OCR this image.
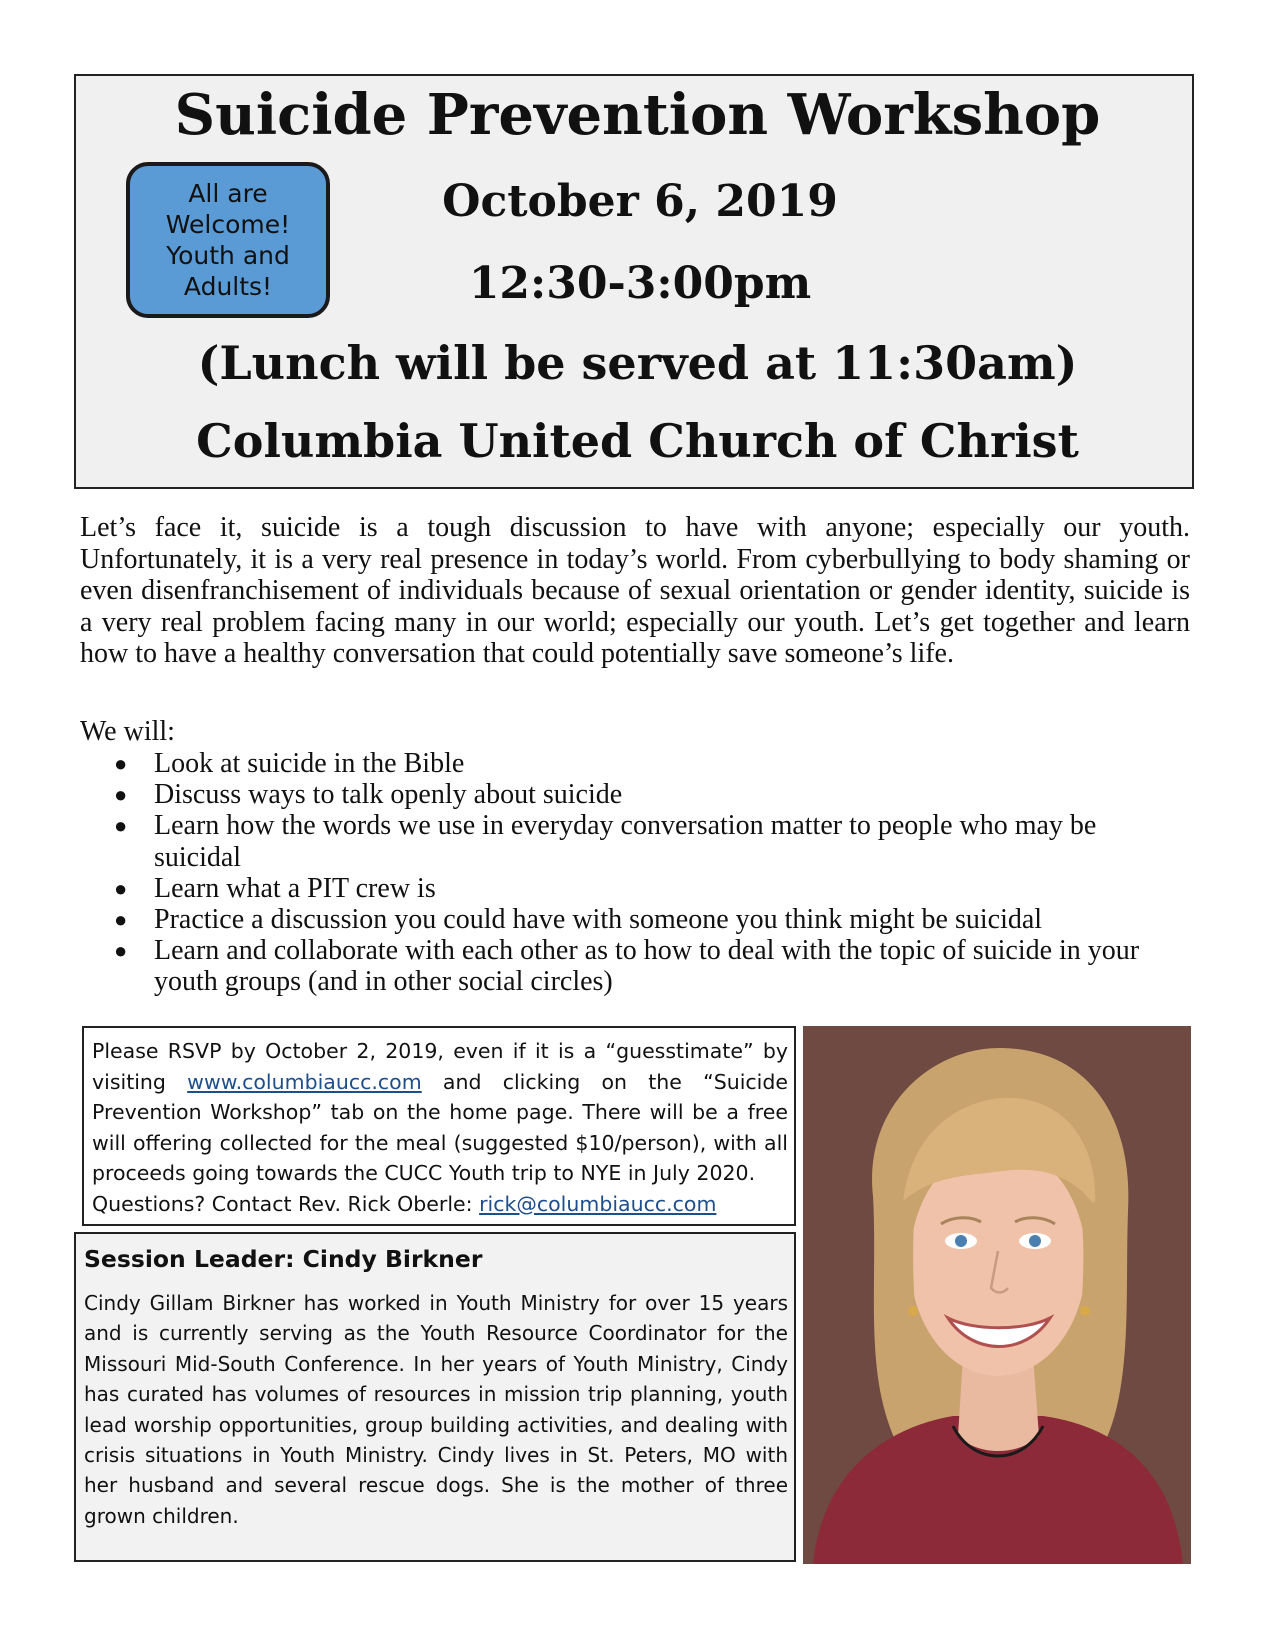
Suicide Prevention Workshop
All are Welcome! Youth and Adults!
October 6, 2019
12:30-3:00pm
(Lunch will be served at 11:30am)
Columbia United Church of Christ
Let’s face it, suicide is a tough discussion to have with anyone; especially our youth. Unfortunately, it is a very real presence in today’s world. From cyberbullying to body shaming or even disenfranchisement of individuals because of sexual orientation or gender identity, suicide is a very real problem facing many in our world; especially our youth. Let’s get together and learn how to have a healthy conversation that could potentially save someone’s life.
We will:
● Look at suicide in the Bible
● Discuss ways to talk openly about suicide
● Learn how the words we use in everyday conversation matter to people who may be suicidal
● Learn what a PIT crew is
● Practice a discussion you could have with someone you think might be suicidal
● Learn and collaborate with each other as to how to deal with the topic of suicide in your youth groups (and in other social circles)
Please RSVP by October 2, 2019, even if it is a “guesstimate” by visiting www.columbiaucc.com and clicking on the “Suicide Prevention Workshop” tab on the home page. There will be a free will offering collected for the meal (suggested $10/person), with all proceeds going towards the CUCC Youth trip to NYE in July 2020.
Questions? Contact Rev. Rick Oberle: rick@columbiaucc.com
Session Leader: Cindy Birkner
Cindy Gillam Birkner has worked in Youth Ministry for over 15 years and is currently serving as the Youth Resource Coordinator for the Missouri Mid-South Conference. In her years of Youth Ministry, Cindy has curated has volumes of resources in mission trip planning, youth lead worship opportunities, group building activities, and dealing with crisis situations in Youth Ministry. Cindy lives in St. Peters, MO with her husband and several rescue dogs. She is the mother of three grown children.
